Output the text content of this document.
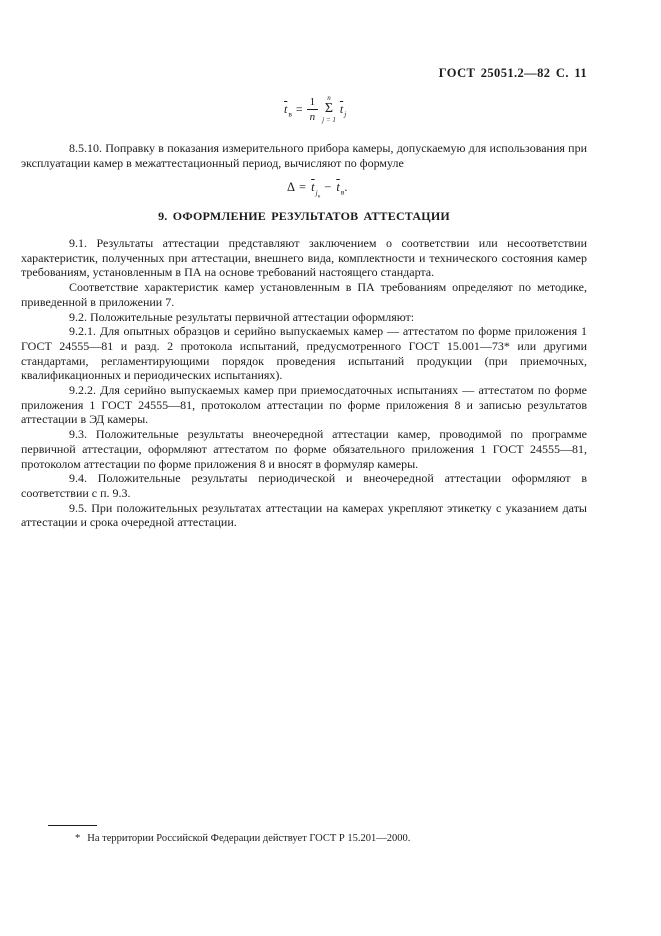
ГОСТ 25051.2—82 С. 11
$\overline{t}_в = \frac{1}{n}$ n
Σ
j = 1
$\overline{t}_j$

8.5.10. Поправку в показания измерительного прибора камеры, допускаемую для использования при эксплуатации камер в межаттестационный период, вычисляют по формуле

$\Delta = \overline{t}_{j_к}$
− $\overline{t}_в$ .
9. ОФОРМЛЕНИЕ РЕЗУЛЬТАТОВ АТТЕСТАЦИИ

9.1. Результаты аттестации представляют заключением о соответствии или несоответствии характеристик, полученных при аттестации, внешнего вида, комплектности и технического состояния камер требованиям, установленным в ПА на основе требований настоящего стандарта.

Соответствие характеристик камер установленным в ПА требованиям определяют по методике, приведенной в приложении 7.

9.2. Положительные результаты первичной аттестации оформляют:

9.2.1. Для опытных образцов и серийно выпускаемых камер — аттестатом по форме приложения 1 ГОСТ 24555—81 и разд. 2 протокола испытаний, предусмотренного ГОСТ 15.001—73* или другими стандартами, регламентирующими порядок проведения испытаний продукции (при приемочных, квалификационных и периодических испытаниях).

9.2.2. Для серийно выпускаемых камер при приемосдаточных испытаниях — аттестатом по форме приложения 1 ГОСТ 24555—81, протоколом аттестации по форме приложения 8 и записью результатов аттестации в ЭД камеры.

9.3. Положительные результаты внеочередной аттестации камер, проводимой по программе первичной аттестации, оформляют аттестатом по форме обязательного приложения 1 ГОСТ 24555—81, протоколом аттестации по форме приложения 8 и вносят в формуляр камеры.

9.4. Положительные результаты периодической и внеочередной аттестации оформляют в соответствии с п. 9.3.

9.5. При положительных результатах аттестации на камерах укрепляют этикетку с указанием даты аттестации и срока очередной аттестации.

* На территории Российской Федерации действует ГОСТ Р 15.201—2000.
